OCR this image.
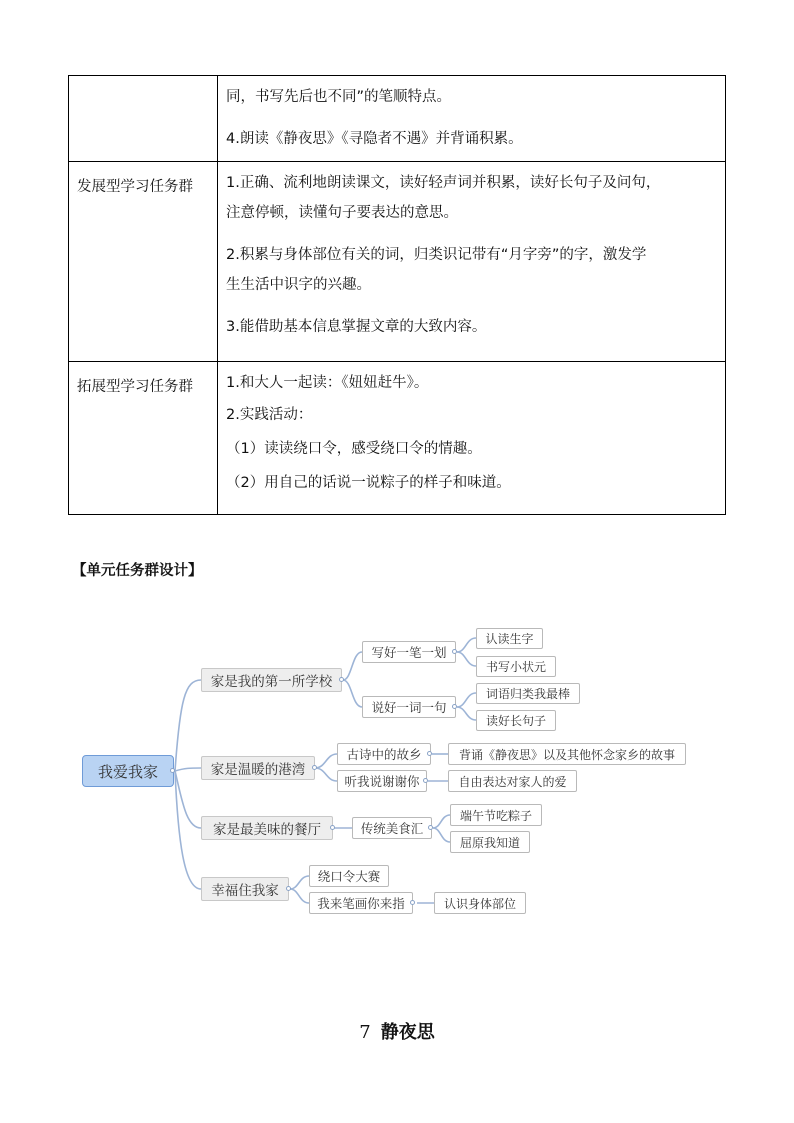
	同，书写先后也不同”的笔顺特点。
4.朗读《静夜思》《寻隐者不遇》并背诵积累。

发展型学习任务群	1.正确、流利地朗读课文，读好轻声词并积累，读好长句子及问句，
注意停顿，读懂句子要表达的意思。
2.积累与身体部位有关的词，归类识记带有“月字旁”的字，激发学
生生活中识字的兴趣。
3.能借助基本信息掌握文章的大致内容。

拓展型学习任务群	1.和大人一起读：《妞妞赶牛》。
2.实践活动：
（1）读读绕口令，感受绕口令的情趣。
（2）用自己的话说一说粽子的样子和味道。
【单元任务群设计】
我爱我家
家是我的第一所学校
家是温暖的港湾
家是最美味的餐厅
幸福住我家
写好一笔一划
说好一词一句
认读生字
书写小状元
词语归类我最棒
读好长句子
古诗中的故乡
听我说谢谢你
背诵《静夜思》以及其他怀念家乡的故事
自由表达对家人的爱
传统美食汇
端午节吃粽子
屈原我知道
绕口令大赛
我来笔画你来指	认识身体部位
7 静夜思
